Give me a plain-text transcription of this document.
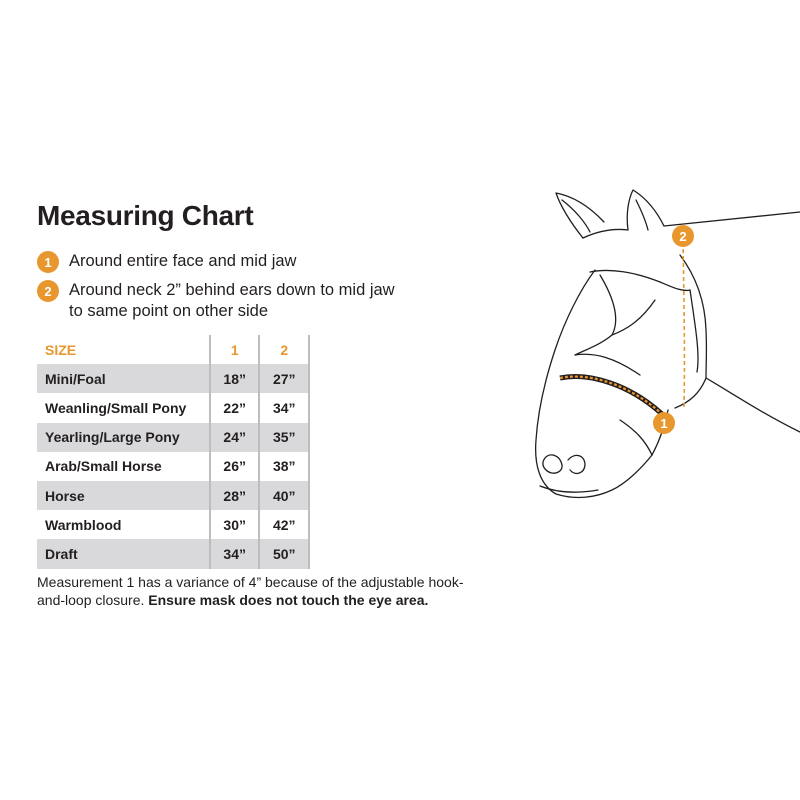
Measuring Chart
1	Around entire face and mid jaw
2	Around neck 2” behind ears down to mid jaw to same point on other side
SIZE	1	2
Mini/Foal	18”	27”
Weanling/Small Pony	22”	34”
Yearling/Large Pony	24”	35”
Arab/Small Horse	26”	38”
Horse	28”	40”
Warmblood	30”	42”
Draft	34”	50”
Measurement 1 has a variance of 4” because of the adjustable hook-and-loop closure. Ensure mask does not touch the eye area.
2
1
